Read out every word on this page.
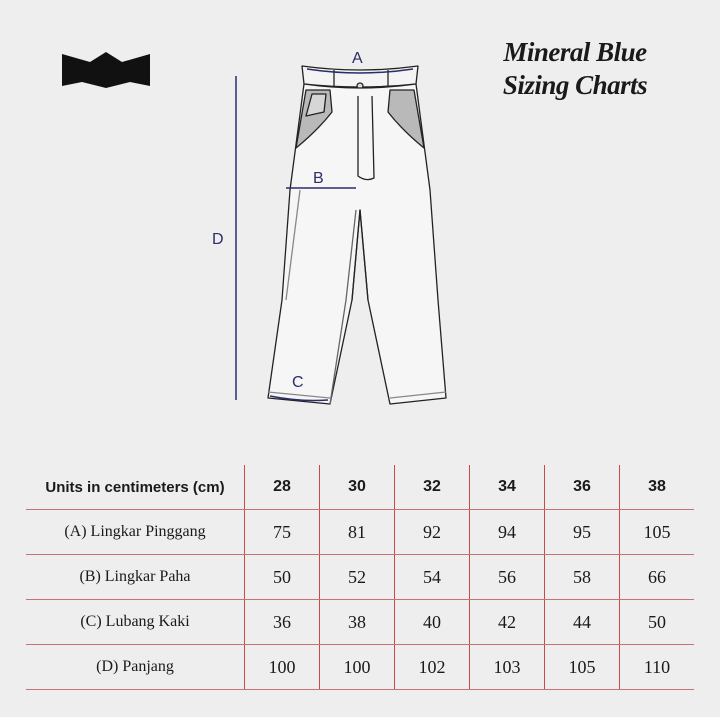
Mineral Blue
Sizing Charts
A
B
C
D
Units in centimeters (cm)	28	30	32	34	36	38
(A) Lingkar Pinggang	75	81	92	94	95	105
(B) Lingkar Paha	50	52	54	56	58	66
(C) Lubang Kaki	36	38	40	42	44	50
(D) Panjang	100	100	102	103	105	110
